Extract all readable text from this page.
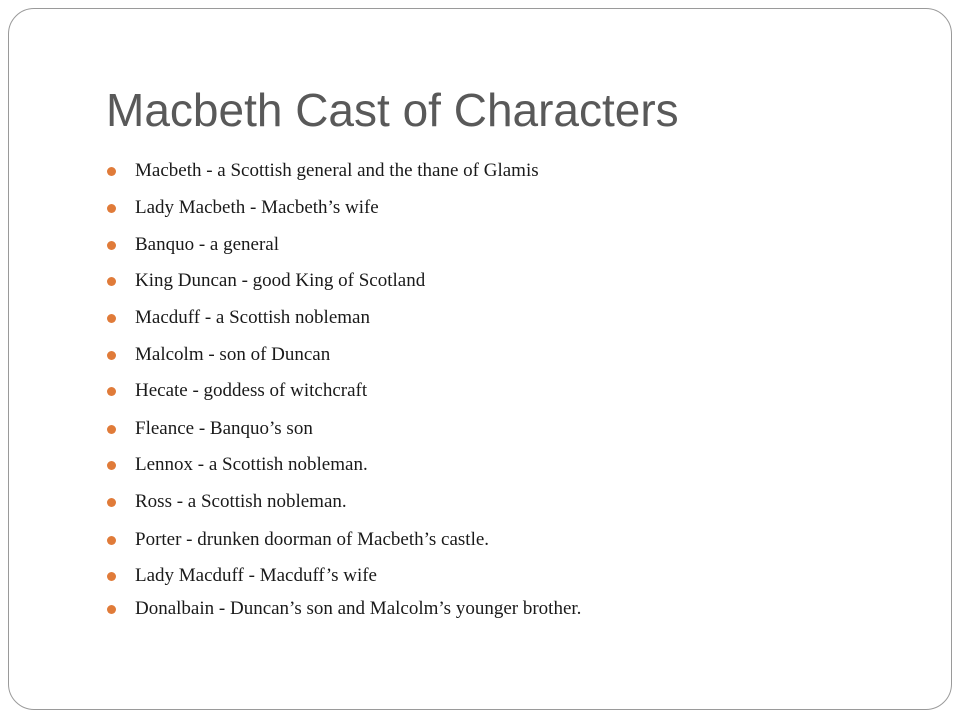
Macbeth Cast of Characters
Macbeth - a Scottish general and the thane of Glamis
Lady Macbeth - Macbeth’s wife
Banquo - a general
King Duncan - good King of Scotland
Macduff - a Scottish nobleman
Malcolm - son of Duncan
Hecate - goddess of witchcraft
Fleance - Banquo’s son
Lennox - a Scottish nobleman.
Ross - a Scottish nobleman.
Porter - drunken doorman of Macbeth’s castle.
Lady Macduff - Macduff’s wife
Donalbain - Duncan’s son and Malcolm’s younger brother.
